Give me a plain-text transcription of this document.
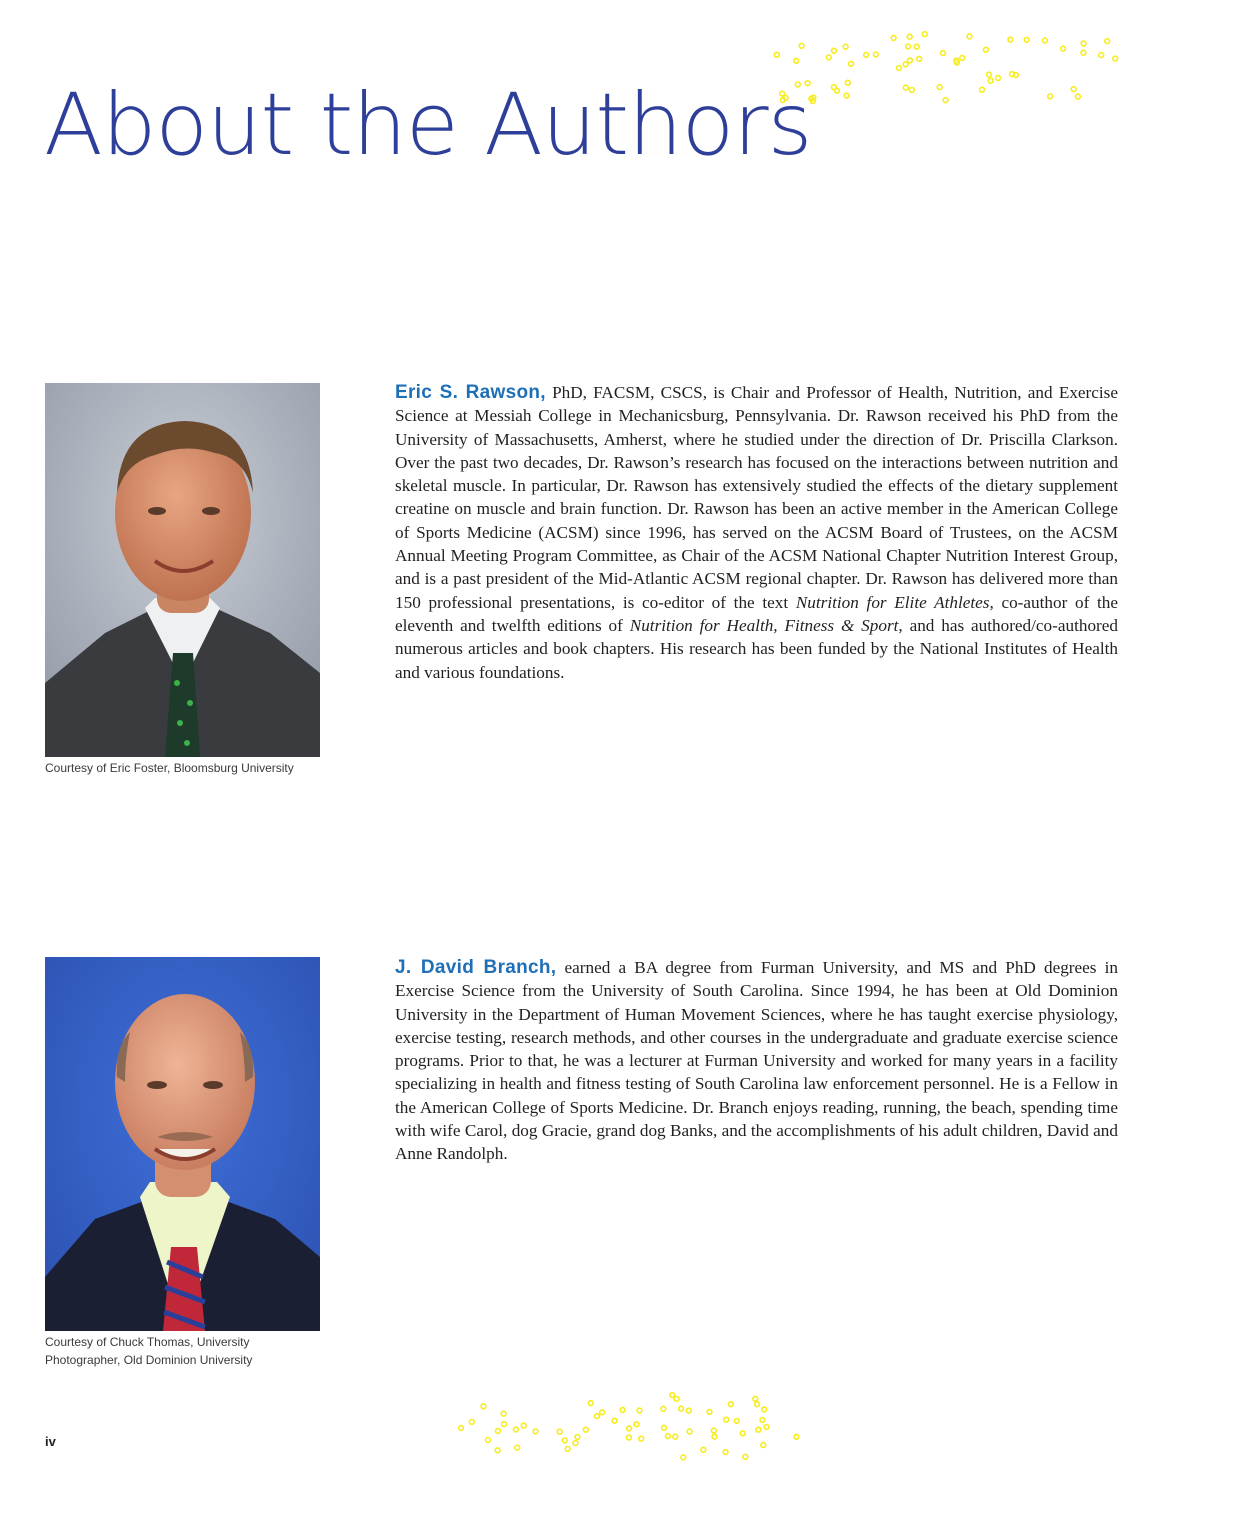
About the Authors
Courtesy of Eric Foster, Bloomsburg University

Eric S. Rawson, PhD, FACSM, CSCS, is Chair and Professor of Health, Nutrition, and Exercise Science at Messiah College in Mechanicsburg, Pennsylvania. Dr. Rawson received his PhD from the University of Massachusetts, Amherst, where he studied under the direction of Dr. Priscilla Clarkson. Over the past two decades, Dr. Rawson’s research has focused on the interactions between nutrition and skeletal muscle. In particular, Dr. Rawson has extensively studied the effects of the dietary supplement creatine on muscle and brain function. Dr. Rawson has been an active member in the American College of Sports Medicine (ACSM) since 1996, has served on the ACSM Board of Trustees, on the ACSM Annual Meeting Program Committee, as Chair of the ACSM National Chapter Nutrition Interest Group, and is a past president of the Mid-Atlantic ACSM regional chapter. Dr. Rawson has delivered more than 150 professional presentations, is co-editor of the text Nutrition for Elite Athletes, co-author of the eleventh and twelfth editions of Nutrition for Health, Fitness & Sport, and has authored/co-authored numerous articles and book chapters. His research has been funded by the National Institutes of Health and various foundations.

Courtesy of Chuck Thomas, University Photographer, Old Dominion University

J. David Branch, earned a BA degree from Furman University, and MS and PhD degrees in Exercise Science from the University of South Carolina. Since 1994, he has been at Old Dominion University in the Department of Human Movement Sciences, where he has taught exercise physiology, exercise testing, research methods, and other courses in the undergraduate and graduate exercise science programs. Prior to that, he was a lecturer at Furman University and worked for many years in a facility specializing in health and fitness testing of South Carolina law enforcement personnel. He is a Fellow in the American College of Sports Medicine. Dr. Branch enjoys reading, running, the beach, spending time with wife Carol, dog Gracie, grand dog Banks, and the accomplishments of his adult children, David and Anne Randolph.

iv
